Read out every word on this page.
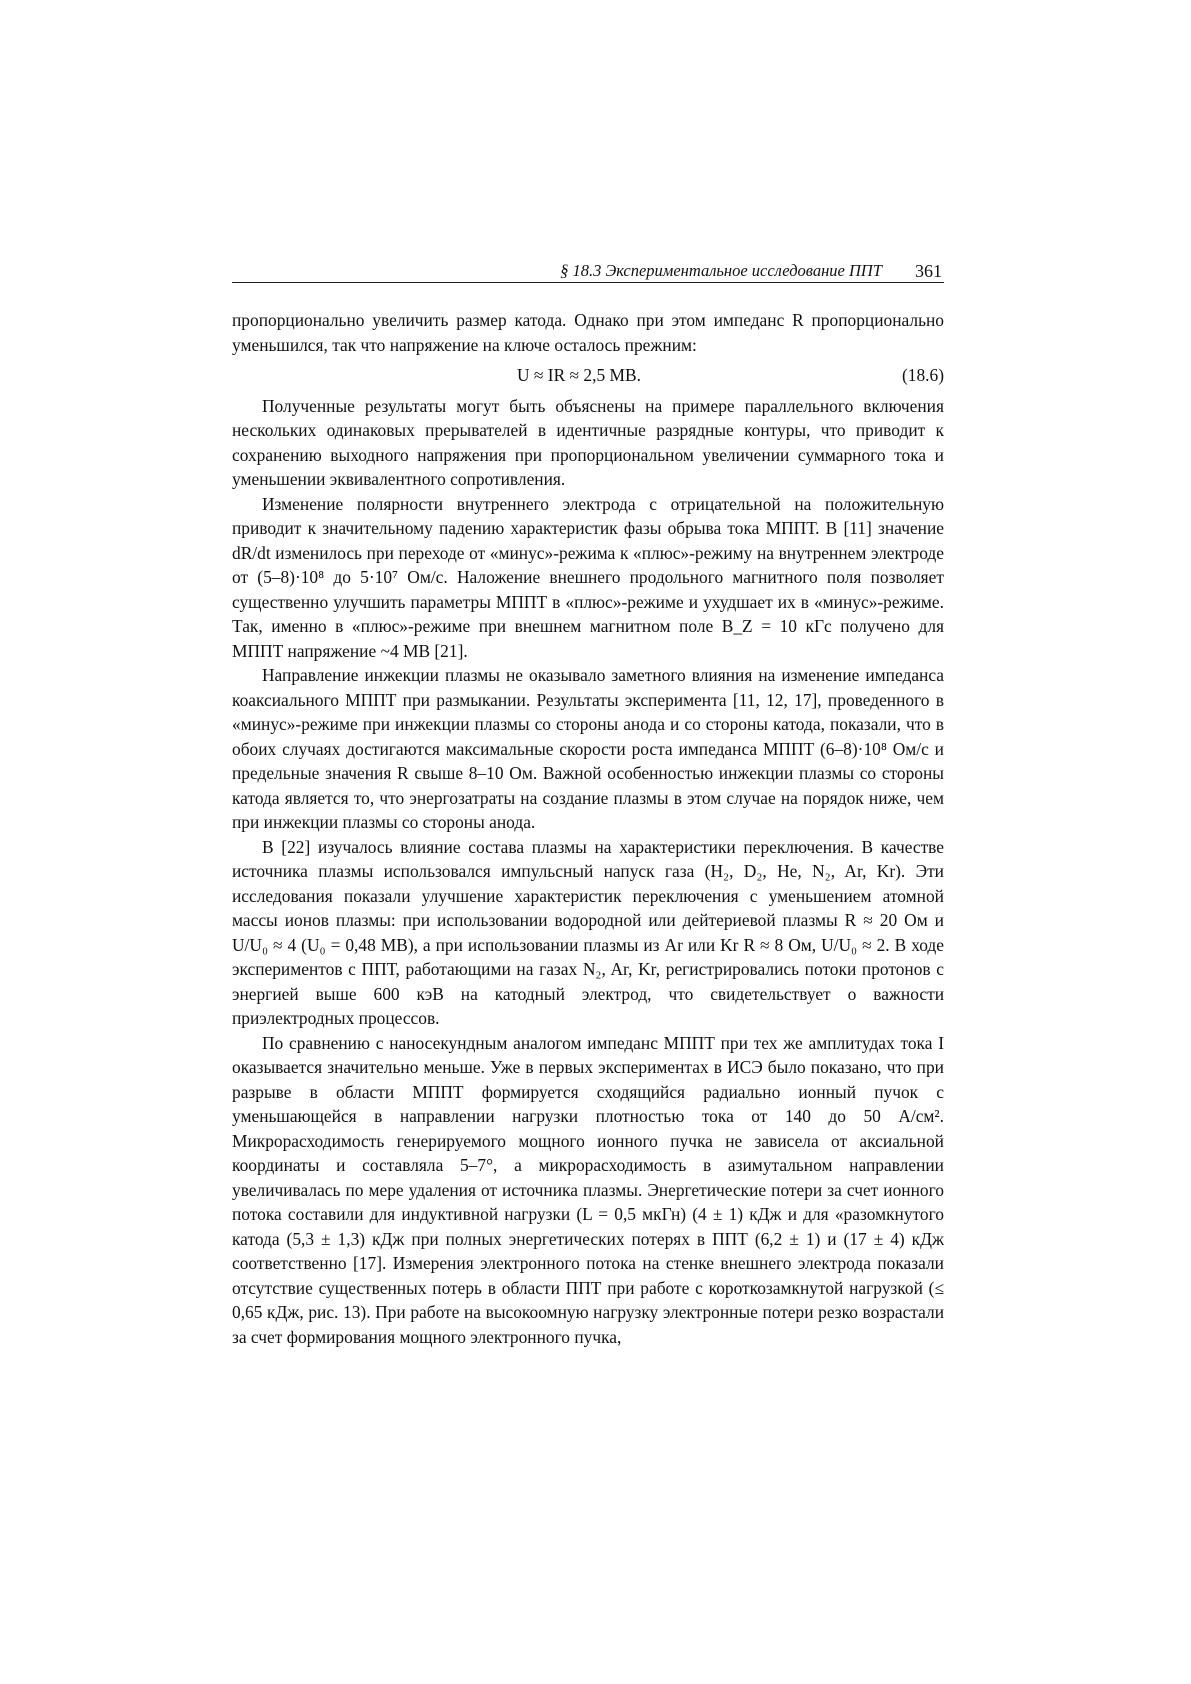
§ 18.3 Экспериментальное исследование ППТ 361

пропорционально увеличить размер катода. Однако при этом импеданс R пропорционально уменьшился, так что напряжение на ключе осталось прежним:

U ≈ IR ≈ 2,5 МВ.	(18.6)

Полученные результаты могут быть объяснены на примере параллельного включения нескольких одинаковых прерывателей в идентичные разрядные контуры, что приводит к сохранению выходного напряжения при пропорциональном увеличении суммарного тока и уменьшении эквивалентного сопротивления.

Изменение полярности внутреннего электрода с отрицательной на положительную приводит к значительному падению характеристик фазы обрыва тока МППТ. В [11] значение dR/dt изменилось при переходе от «минус»-режима к «плюс»-режиму на внутреннем электроде от (5–8)·10⁸ до 5·10⁷ Ом/с. Наложение внешнего продольного магнитного поля позволяет существенно улучшить параметры МППТ в «плюс»-режиме и ухудшает их в «минус»-режиме. Так, именно в «плюс»-режиме при внешнем магнитном поле B_Z = 10 кГс получено для МППТ напряжение ~4 МВ [21].

Направление инжекции плазмы не оказывало заметного влияния на изменение импеданса коаксиального МППТ при размыкании. Результаты эксперимента [11, 12, 17], проведенного в «минус»-режиме при инжекции плазмы со стороны анода и со стороны катода, показали, что в обоих случаях достигаются максимальные скорости роста импеданса МППТ (6–8)·10⁸ Ом/с и предельные значения R свыше 8–10 Ом. Важной особенностью инжекции плазмы со стороны катода является то, что энергозатраты на создание плазмы в этом случае на порядок ниже, чем при инжекции плазмы со стороны анода.

В [22] изучалось влияние состава плазмы на характеристики переключения. В качестве источника плазмы использовался импульсный напуск газа (H₂, D₂, He, N₂, Ar, Kr). Эти исследования показали улучшение характеристик переключения с уменьшением атомной массы ионов плазмы: при использовании водородной или дейтериевой плазмы R ≈ 20 Ом и U/U₀ ≈ 4 (U₀ = 0,48 МВ), а при использовании плазмы из Ar или Kr R ≈ 8 Ом, U/U₀ ≈ 2. В ходе экспериментов с ППТ, работающими на газах N₂, Ar, Kr, регистрировались потоки протонов с энергией выше 600 кэВ на катодный электрод, что свидетельствует о важности приэлектродных процессов.

По сравнению с наносекундным аналогом импеданс МППТ при тех же амплитудах тока I оказывается значительно меньше. Уже в первых экспериментах в ИСЭ было показано, что при разрыве в области МППТ формируется сходящийся радиально ионный пучок с уменьшающейся в направлении нагрузки плотностью тока от 140 до 50 А/см². Микрорасходимость генерируемого мощного ионного пучка не зависела от аксиальной координаты и составляла 5–7°, а микрорасходимость в азимутальном направлении увеличивалась по мере удаления от источника плазмы. Энергетические потери за счет ионного потока составили для индуктивной нагрузки (L = 0,5 мкГн) (4 ± 1) кДж и для «разомкнутого катода (5,3 ± 1,3) кДж при полных энергетических потерях в ППТ (6,2 ± 1) и (17 ± 4) кДж соответственно [17]. Измерения электронного потока на стенке внешнего электрода показали отсутствие существенных потерь в области ППТ при работе с короткозамкнутой нагрузкой (≤ 0,65 кДж, рис. 13). При работе на высокоомную нагрузку электронные потери резко возрастали за счет формирования мощного электронного пучка,
